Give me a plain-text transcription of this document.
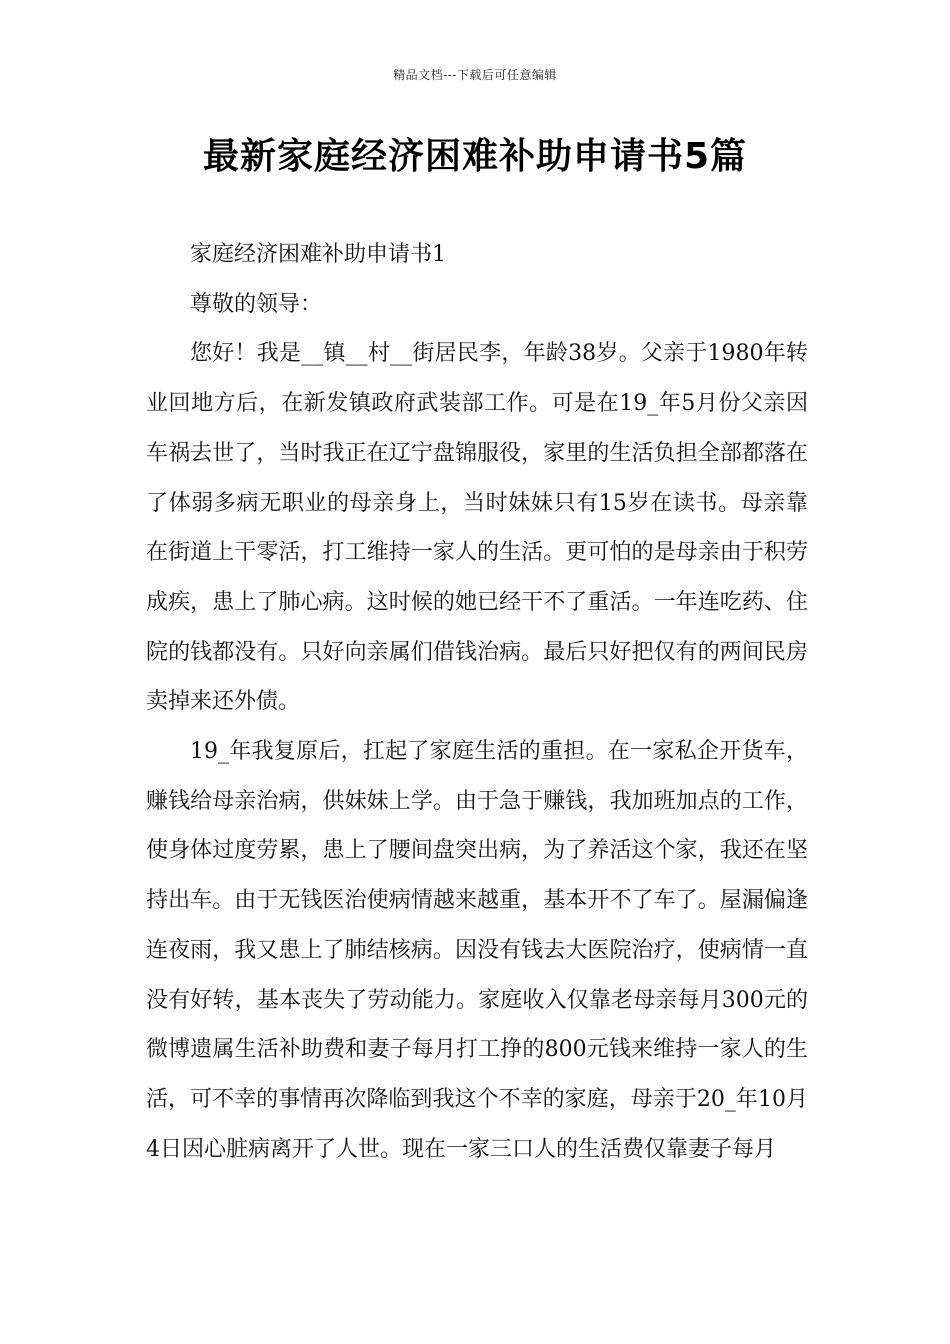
精品文档---下载后可任意编辑
最新家庭经济困难补助申请书5篇

家庭经济困难补助申请书1

尊敬的领导：

您好！我是__镇__村__街居民李，年龄38岁。父亲于1980年转业回地方后，在新发镇政府武装部工作。可是在19_年5月份父亲因车祸去世了，当时我正在辽宁盘锦服役，家里的生活负担全部都落在了体弱多病无职业的母亲身上，当时妹妹只有15岁在读书。母亲靠在街道上干零活，打工维持一家人的生活。更可怕的是母亲由于积劳成疾，患上了肺心病。这时候的她已经干不了重活。一年连吃药、住院的钱都没有。只好向亲属们借钱治病。最后只好把仅有的两间民房卖掉来还外债。

19_年我复原后，扛起了家庭生活的重担。在一家私企开货车，赚钱给母亲治病，供妹妹上学。由于急于赚钱，我加班加点的工作，使身体过度劳累，患上了腰间盘突出病，为了养活这个家，我还在坚持出车。由于无钱医治使病情越来越重，基本开不了车了。屋漏偏逢连夜雨，我又患上了肺结核病。因没有钱去大医院治疗，使病情一直没有好转，基本丧失了劳动能力。家庭收入仅靠老母亲每月300元的微博遗属生活补助费和妻子每月打工挣的800元钱来维持一家人的生活，可不幸的事情再次降临到我这个不幸的家庭，母亲于20_年10月4日因心脏病离开了人世。现在一家三口人的生活费仅靠妻子每月
